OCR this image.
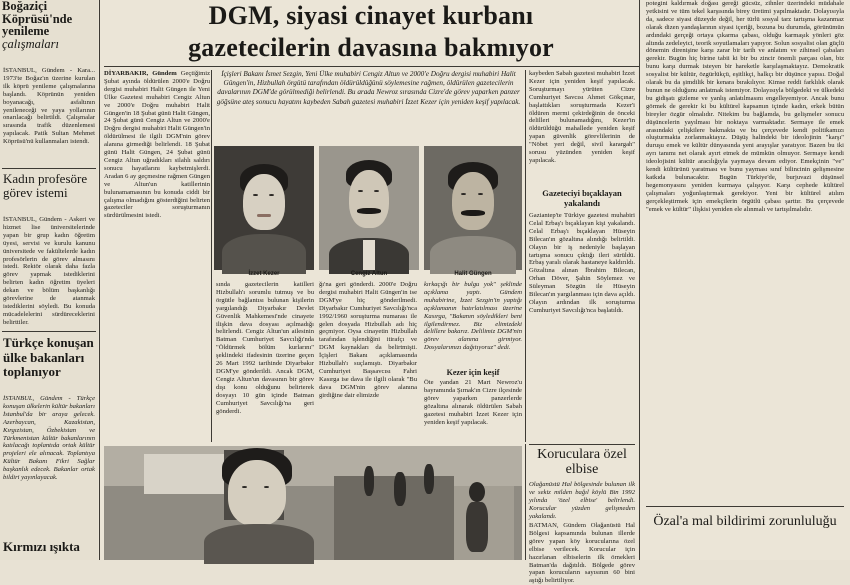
Boğaziçi
Köprüsü'nde
yenileme
çalışmaları
İSTANBUL, Gündem - Kara... 1973'te Boğaz'ın üzerine kurulan ilk köprü yenileme çalışmalarına başlandı. Köprünün yeniden boyanacağı, asfaltının yenileneceği ve yaya yollarının onarılacağı belirtildi. Çalışmalar sırasında trafik düzenlemesi yapılacak. Patik Sultan Mehmet Köprüsü'nü kullanmaları istendi.
Kadın profesöre görev istemi
İSTANBUL, Gündem - Askeri ve hizmet lise üniversitelerinde yapan bir grup kadın öğretim üyesi, servisi ve kurulu kanunu üniversitede ve fakültelerde kadın profesörlerin de görev almasını istedi. Rektör olarak daha fazla görev yapmak istediklerini belirten kadın öğretim üyeleri dekan ve bölüm başkanlığı görevlerine de atanmak istediklerini söyledi. Bu konuda mücadelelerini sürdüreceklerini belirttiler.
Türkçe konuşan ülke bakanları toplanıyor
İSTANBUL, Gündem - Türkçe konuşan ülkelerin kültür bakanları İstanbul'da bir araya gelecek. Azerbaycan, Kazakistan, Kırgızistan, Özbekistan ve Türkmenistan kültür bakanlarının katılacağı toplantıda ortak kültür projeleri ele alınacak. Toplantıya Kültür Bakanı Fikri Sağlar başkanlık edecek. Bakanlar ortak bildiri yayınlayacak.
Kırmızı ışıkta
DGM, siyasi cinayet kurbanı
gazetecilerin davasına bakmıyor
DİYARBAKIR, Gündem Geçtiğimiz Şubat ayında öldürülen 2000'e Doğru dergisi muhabiri Halit Güngen ile Yeni Ülke Gazetesi muhabiri Cengiz Altun ve 2000'e Doğru muhabiri Halit Güngen'in 18 Şubat günü Halit Güngen, 24 Şubat günü Cengiz Altun ve 2000'e Doğru dergisi muhabiri Halit Güngen'in öldürülmesi ile ilgili DGM'nin görev alanına girmediği belirlendi. 18 Şubat günü Halit Güngen, 24 Şubat günü Cengiz Altun uğradıkları silahlı saldırı sonucu hayatlarını kaybetmişlerdi. Aradan 6 ay geçmesine rağmen Güngen ve Altun'un katillerinin bulunamamasının bu konuda ciddi bir çalışma olmadığını gösterdiğini belirten gazeteciler soruşturmanın sürdürülmesini istedi.
İçişleri Bakanı İsmet Sezgin, Yeni Ülke muhabiri Cengiz Altun ve 2000'e Doğru dergisi muhabiri Halit Güngen'in, Hizbullah örgütü tarafından öldürüldüğünü söylemesine rağmen, öldürülen gazetecilerin davalarının DGM'de görülmediği belirlendi. Bu arada Newroz sırasında Cizre'de görev yaparken panzer göğsüne ateş sonucu hayatını kaybeden Sabah gazetesi muhabiri İzzet Kezer için yeniden keşif yapılacak.
İzzet Kezer	Cengiz Altun	Halit Güngen
sında gazetecilerin katilleri Hizbullah'ı sorumlu tutmuş ve bu örgütle bağlantısı bulunan kişilerin yargılandığı Diyarbakır Devlet Güvenlik Mahkemesi'nde cinayete ilişkin dava dosyası açılmadığı belirlendi. Cengiz Altun'un ailesinin Batman Cumhuriyet Savcılığı'nda "Öldürmek bölüm kurlarını" şeklindeki ifadesinin üzerine geçen 26 Mart 1992 tarihinde Diyarbakır DGM'ye gönderildi. Ancak DGM, Cengiz Altun'un davasının bir görev dışı konu olduğunu belirterek dosyayı 10 gün içinde Batman Cumhuriyet Savcılığı'na geri gönderdi.
ğı'na geri gönderdi. 2000'e Doğru dergisi muhabiri Halit Güngen'in ise DGM'ye hiç gönderilmedi. Diyarbakır Cumhuriyet Savcılığı'nca 1992/1960 soruşturma numarası ile gelen dosyada Hizbullah adı hiç geçmiyor. Oysa cinayetin Hizbullah tarafından işlendiğini itirafçı ve DGM kaynakları da belirtmişti. İçişleri Bakanı açıklamasında Hizbullah'ı suçlamıştı. Diyarbakır Cumhuriyet Başsavcısı Fahri Kasırga ise dava ile ilgili olarak "Bu dava DGM'nin görev alanına girdiğine dair elimizde
kırkaçığı bir bulgu yok" şeklinde açıklama yaptı. Gündem muhabirine, İzzet Sezgin'in yaptığı açıklamanın hatırlatılması üzerine Kasırga, "Bakanın söyledikleri beni ilgilendirmez. Biz elimizdeki delillere bakarız. Delilimiz DGM'nin görev alanına girmiyor. Dosyalarımızı dağıtıyoruz" dedi.
Kezer için keşif
Öte yandan 21 Mart Newroz'u bayramında Şırnak'ın Cizre ilçesinde görev yaparken panzerlerde gözaltına alınarak öldürülen Sabah gazetesi muhabiri İzzet Kezer için yeniden keşif yapılacak.
kaybeden Sabah gazetesi muhabiri İzzet Kezer için yeniden keşif yapılacak. Soruşturmayı yürüten Cizre Cumhuriyet Savcısı Ahmet Gökçınar, başlattıkları soruşturmada Kezer'i öldüren mermi çekirdeğinin de önceki delilleri bulunamadığını, Kezer'in öldürüldüğü mahallede yeniden keşif yapan güvenlik görevlilerinin de "Nöbet yeri değil, sivil karargah" sorusu yüzünden yeniden keşif yapılacak.
Gazeteciyi bıçaklayan yakalandı
Gaziantep'te Türkiye gazetesi muhabiri Celal Erbaş'ı bıçaklayan kişi yakalandı. Celal Erbaş'ı bıçaklayan Hüseyin Bilecan'ın gözaltına alındığı belirtildi. Olayın bir iş nedeniyle başlayan tartışma sonucu çıktığı ileri sürüldü. Erbaş yaralı olarak hastaneye kaldırıldı. Gözaltına alınan İbrahim Bilecan, Orhan Döver, Şahin Söylemez ve Süleyman Sözgün ile Hüseyin Bilecan'ın yargılanması için dava açıldı. Olayın ardından ilk soruşturma Cumhuriyet Savcılığı'nca başlatıldı.
Koruculara özel elbise
Olağanüstü Hal bölgesinde bulunan ilk ve sekiz milden bağıl köylü Bin 1992 yılında 'özel elbise' belirlendi. Korucular yüzden gelişmeden yakalandı.
BATMAN, Gündem Olağanüstü Hal Bölgesi kapsamında bulunan illerde görev yapan köy korucularına özel elbise verilecek. Korucular için hazırlanan elbiselerin ilk örnekleri Batman'da dağıtıldı. Bölgede görev yapan korucuların sayısının 60 bini aştığı belirtiliyor.
potegini kaldırmak doğası gereği gücsüz, zihnler üzerindeki müdahale yetkisini ve tüm tekel karşısında birey üretimi yapılmaktadır. Dolayısıyla da, sadece siyasi düzeyde değil, her türlü sosyal tarz tartışma kazanmaz olarak dizen yandaşlarının siyasi içeriği, bozuna bu durumda, görünümün ardındaki gerçeği ortaya çıkarma çabası, olduğu karmaşık yönleri göz altında zedeleyici, teorik soyutlamaları yapıyor. Solun sosyalist olan güçlü dönemin direnişine karşı zarar bir tarih ve anlatım ve zihinsel çabaları gerekir. Bugün hiç birine tabii ki bir bu zincir önemli parçası olan, biz bunu karşı durmak isteyen bir hareketle karşılaşmaktayız. Demokratik sosyalist bir kültür, özgürlükçü, eşitlikçi, halkçı bir düşünce yapısı. Doğal olarak bu da şimdilik bir kenara bırakılıyor. Kimse reddi farklılık olarak bunun ne olduğunu anlatmak istemiyor. Dolayısıyla bölgedeki ve ülkedeki bu gidişatı gizleme ve yanlış anlatılmasını engelleyemiyor. Ancak bunu görmek de gerekir ki bu kültürel kapsamın içinde kadın, erkek bütün bireyler özgür olmalıdır. Nitekim bu bağlamda, bu gelişmeler sonucu düşüncelerin yayılması bir noktaya varmaktadır. Sermaye ile emek arasındaki çelişkilere bakmakta ve bu çerçevede kendi politikamızı oluşturmakta zorlanmaktayız. Düşüş halindeki bir ideolojinin "karşı" duruşu emek ve kültür dünyasında yeni arayışlar yaratıyor. Bazen bu iki ayrı tanımı net olarak ayırt etmek de mümkün olmuyor. Sermaye kendi ideolojisini kültür aracılığıyla yaymaya devam ediyor. Emekçinin "ve" kendi kültürünü yaratması ve bunu yayması sınıf bilincinin gelişmesine katkıda bulunacaktır. Bugün Türkiye'de, burjuvazi düşünsel hegemonyasını yeniden kurmaya çalışıyor. Karşı cephede kültürel çalışmaları yoğunlaştırmak gerekiyor. Yeni bir kültürel atılım gerçekleştirmek için emekçilerin örgütlü çabası şarttır. Bu çerçevede "emek ve kültür" ilişkisi yeniden ele alınmalı ve tartışılmalıdır.
Özal'a mal bildirimi zorunluluğu
